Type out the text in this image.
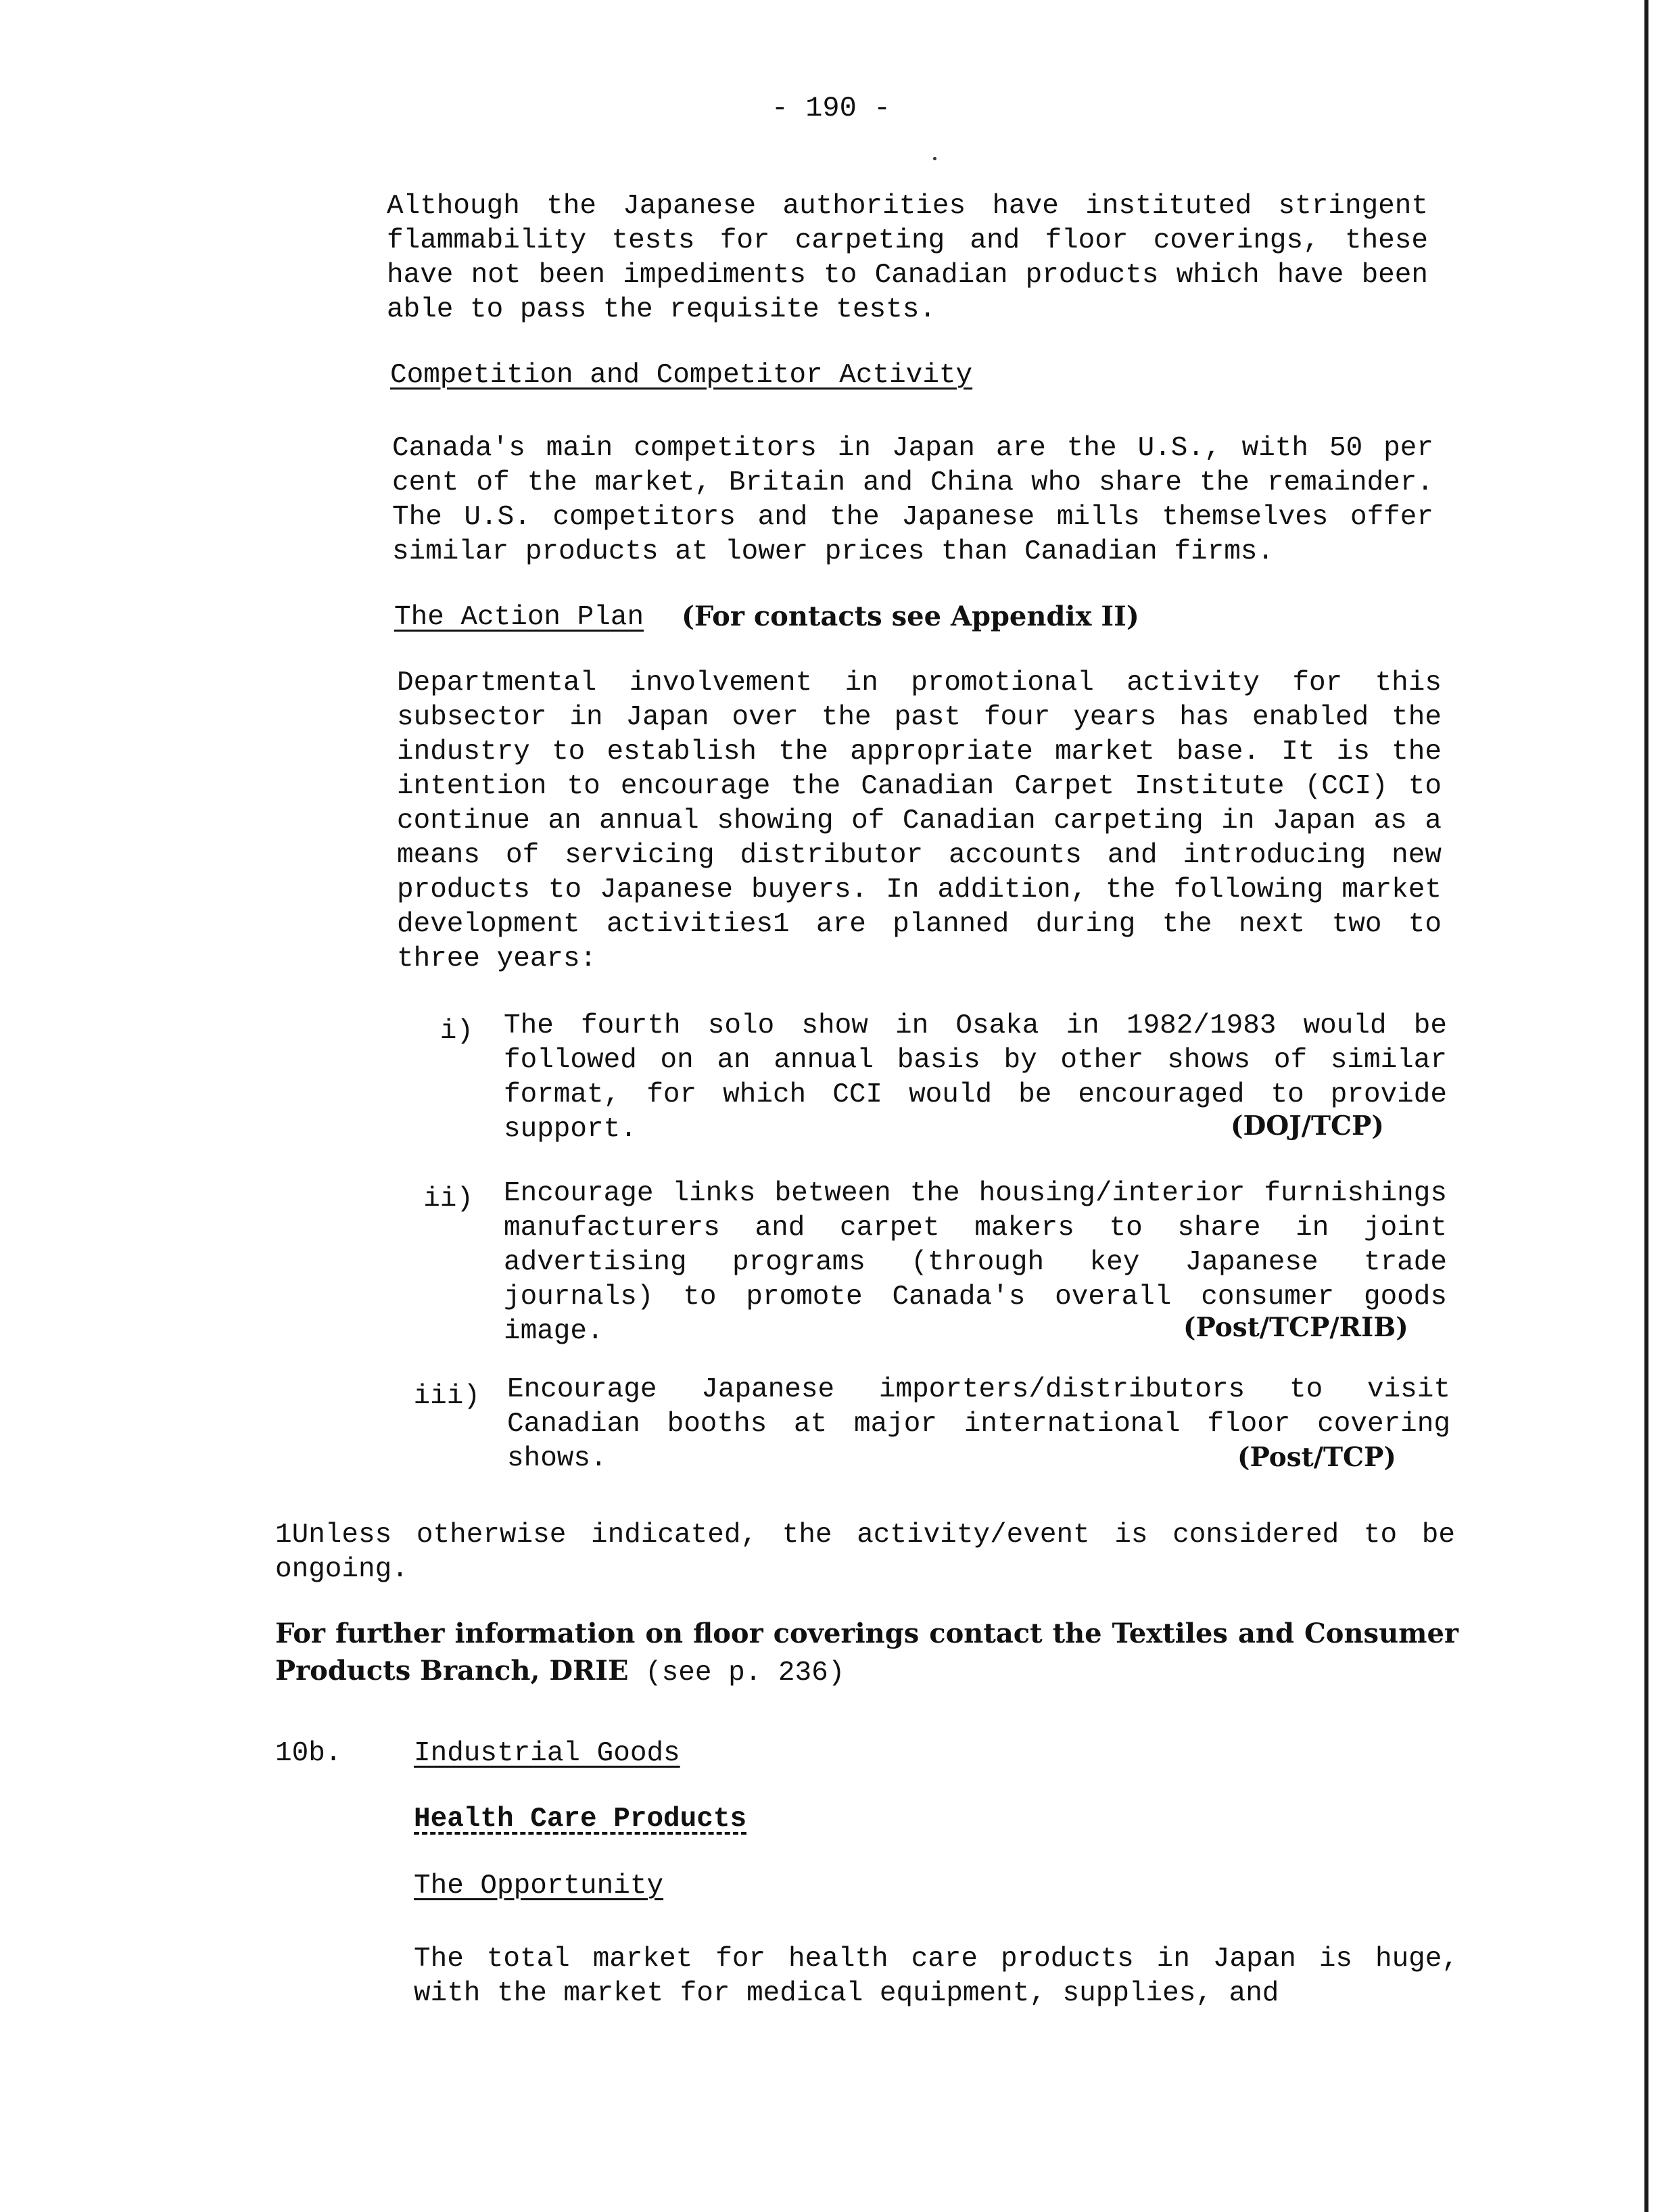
- 190 -

Although the Japanese authorities have instituted stringent flammability tests for carpeting and floor coverings, these have not been impediments to Canadian products which have been able to pass the requisite tests.

Competition and Competitor Activity

Canada's main competitors in Japan are the U.S., with 50 per cent of the market, Britain and China who share the remainder. The U.S. competitors and the Japanese mills themselves offer similar products at lower prices than Canadian firms.

The Action Plan (For contacts see Appendix II)

Departmental involvement in promotional activity for this subsector in Japan over the past four years has enabled the industry to establish the appropriate market base. It is the intention to encourage the Canadian Carpet Institute (CCI) to continue an annual showing of Canadian carpeting in Japan as a means of servicing distributor accounts and introducing new products to Japanese buyers. In addition, the following market development activities1 are planned during the next two to three years:

i) The fourth solo show in Osaka in 1982/1983 would be followed on an annual basis by other shows of similar format, for which CCI would be encouraged to provide support.	(DOJ/TCP)
ii) Encourage links between the housing/interior furnishings manufacturers and carpet makers to share in joint advertising programs (through key Japanese trade journals) to promote Canada's overall consumer goods image.	(Post/TCP/RIB)
iii) Encourage Japanese importers/distributors to visit Canadian booths at major international floor covering shows.	(Post/TCP)

1Unless otherwise indicated, the activity/event is considered to be ongoing.

For further information on floor coverings contact the Textiles and Consumer Products Branch, DRIE (see p. 236)

10b.	Industrial Goods
Health Care Products
The Opportunity

The total market for health care products in Japan is huge, with the market for medical equipment, supplies, and
